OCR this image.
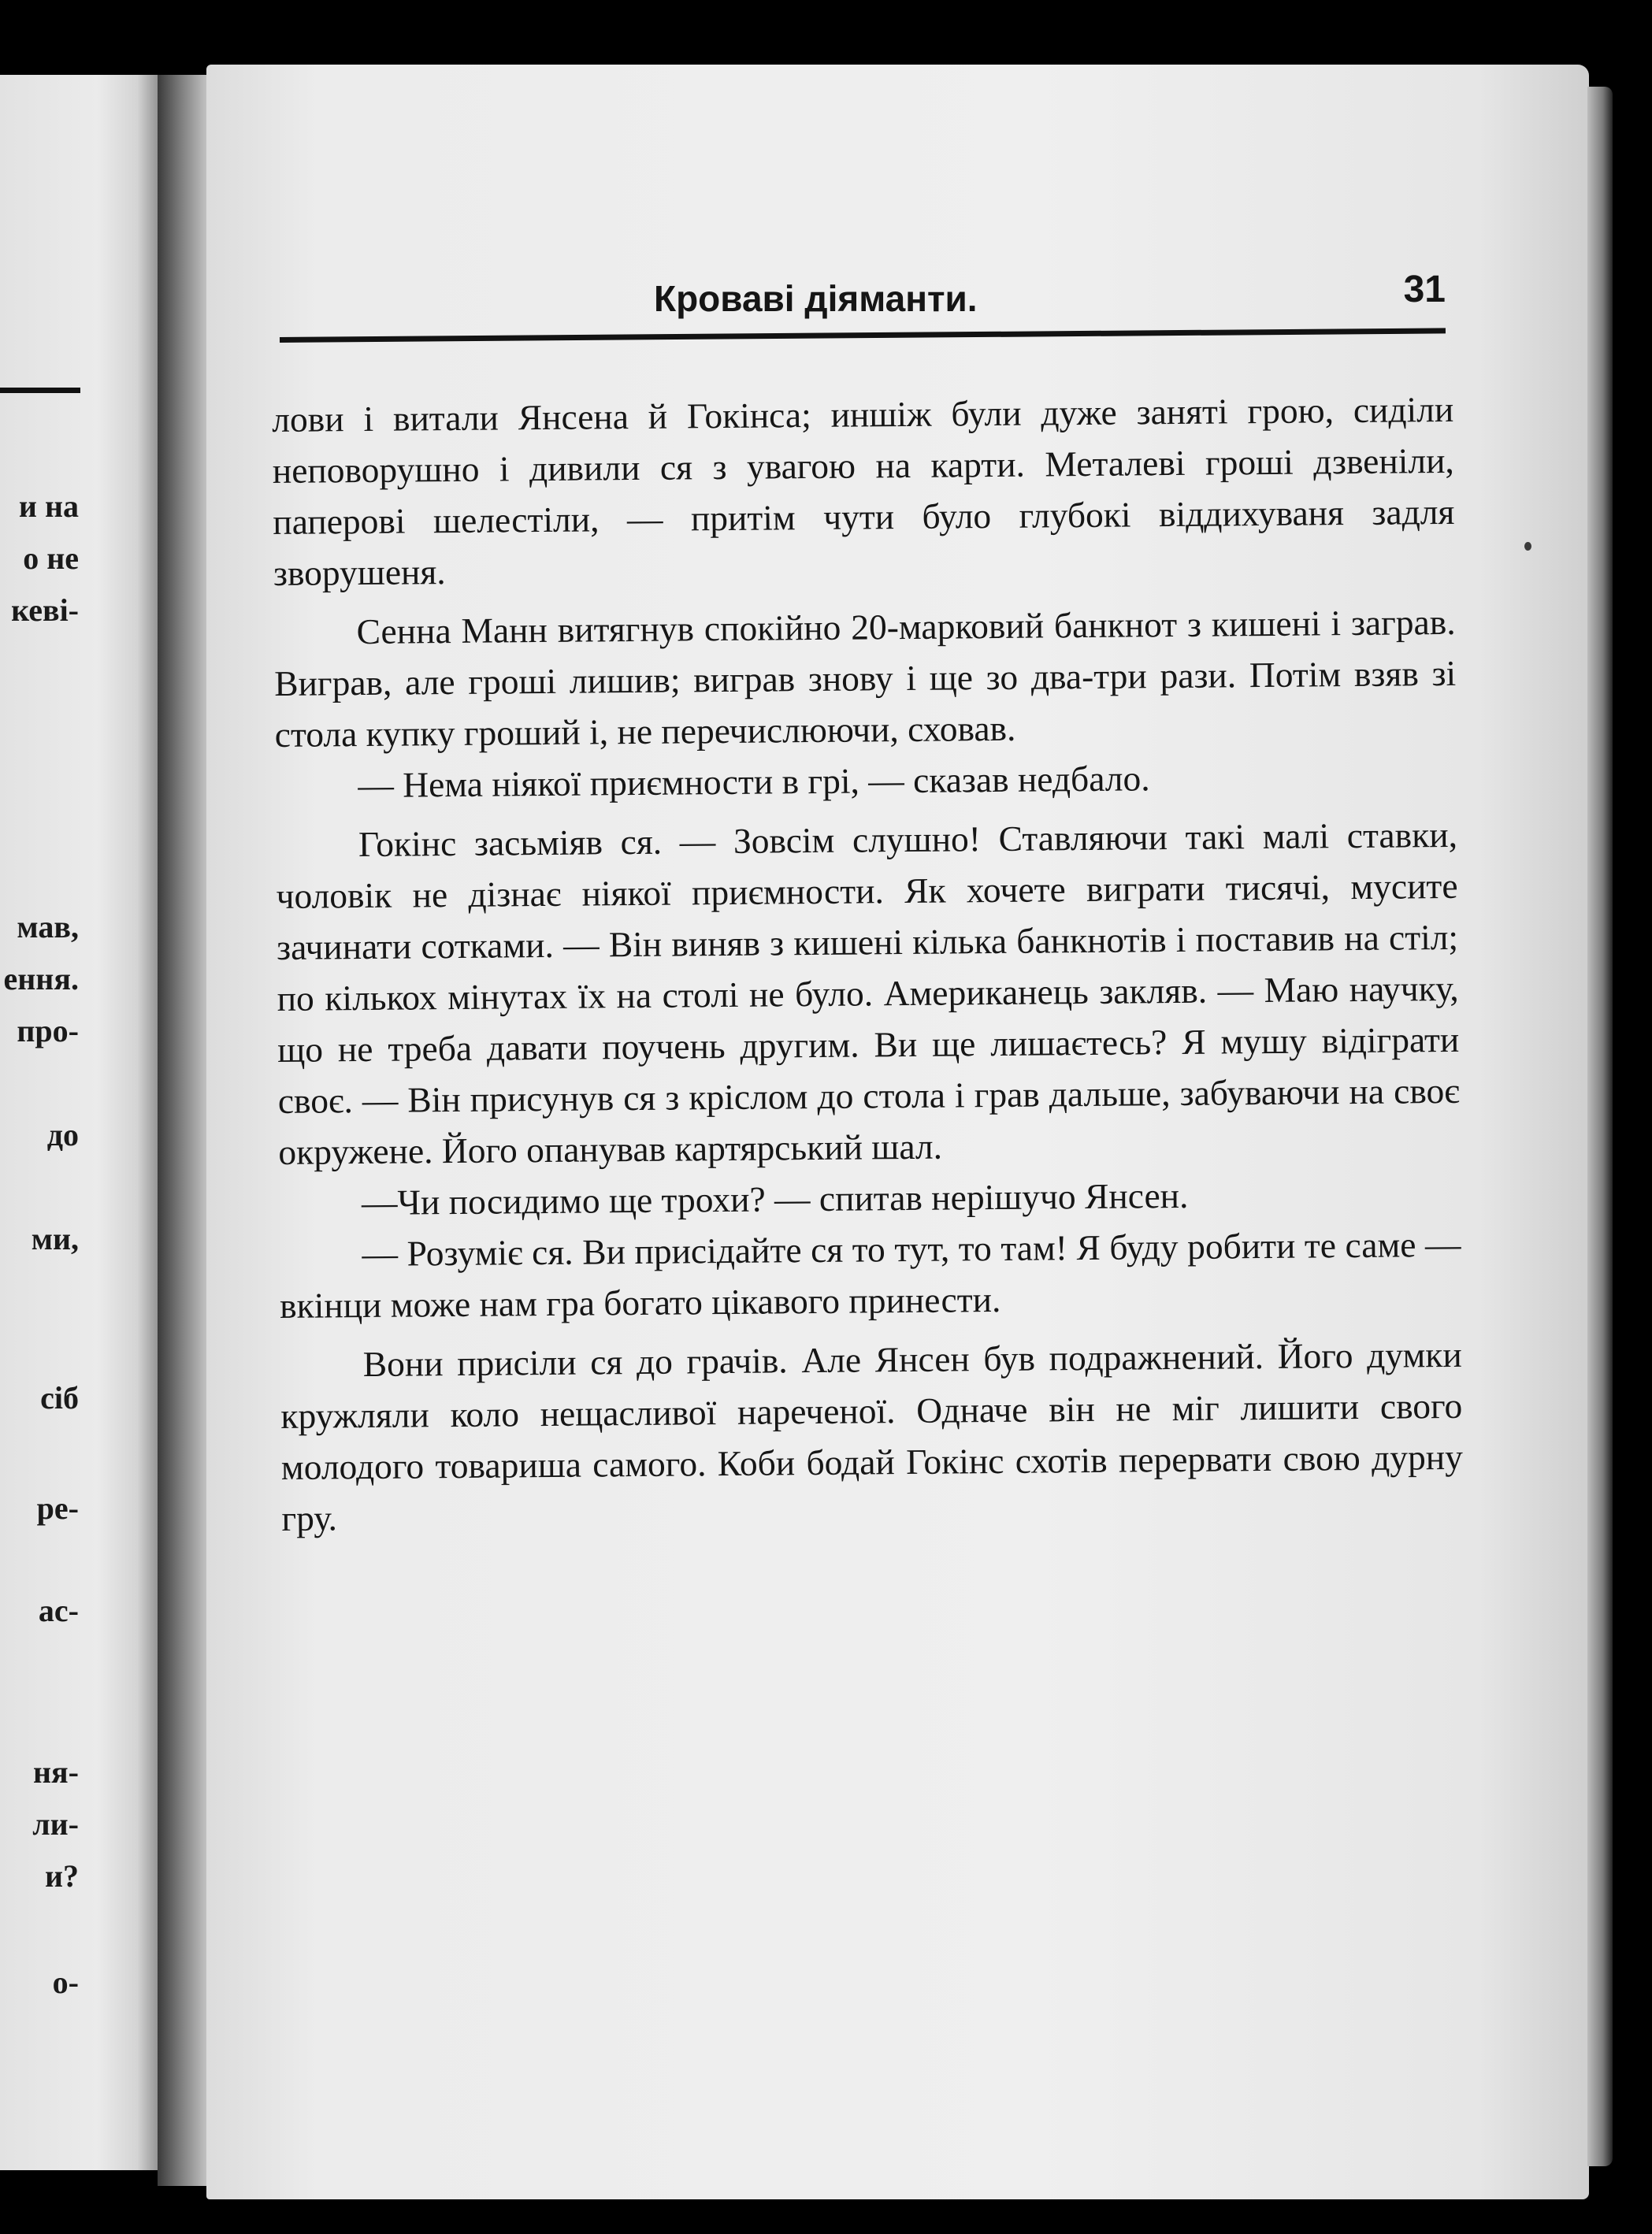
и на

о не

кеві-

мав,

ення.

про-

до

ми,

сіб

ре-

ас-

ня-

ли-

и?

о-

Кроваві діяманти.	31

лови і витали Янсена й Гокінса; иншіж були дуже заняті грою, сиділи неповорушно і дивили ся з увагою на карти. Металеві гроші дзвеніли, паперові шелестіли, — притім чути було глубокі віддихуваня задля зворушеня.

Сенна Манн витягнув спокійно 20-марковий банкнот з кишені і заграв. Виграв, але гроші лишив; виграв знову і ще зо два-три рази. Потім взяв зі стола купку гроший і, не перечислюючи, сховав.

— Нема ніякої приємности в грі, — сказав недбало.

Гокінс засьміяв ся. — Зовсім слушно! Ставляючи такі малі ставки, чоловік не дізнає ніякої приємности. Як хочете виграти тисячі, мусите зачинати сотками. — Він виняв з кишені кілька банкнотів і поставив на стіл; по кількох мінутах їх на столі не було. Американець закляв. — Маю научку, що не треба давати поучень другим. Ви ще лишаєтесь? Я мушу відіграти своє. — Він присунув ся з кріслом до стола і грав дальше, забуваючи на своє окружене. Його опанував картярський шал.

—Чи посидимо ще трохи? — спитав нерішучо Янсен.

— Розуміє ся. Ви присідайте ся то тут, то там! Я буду робити те саме — вкінци може нам гра богато цікавого принести.

Вони присіли ся до грачів. Але Янсен був подражнений. Його думки кружляли коло нещасливої нареченої. Одначе він не міг лишити свого молодого товариша самого. Коби бодай Гокінс схотів перервати свою дурну гру.
